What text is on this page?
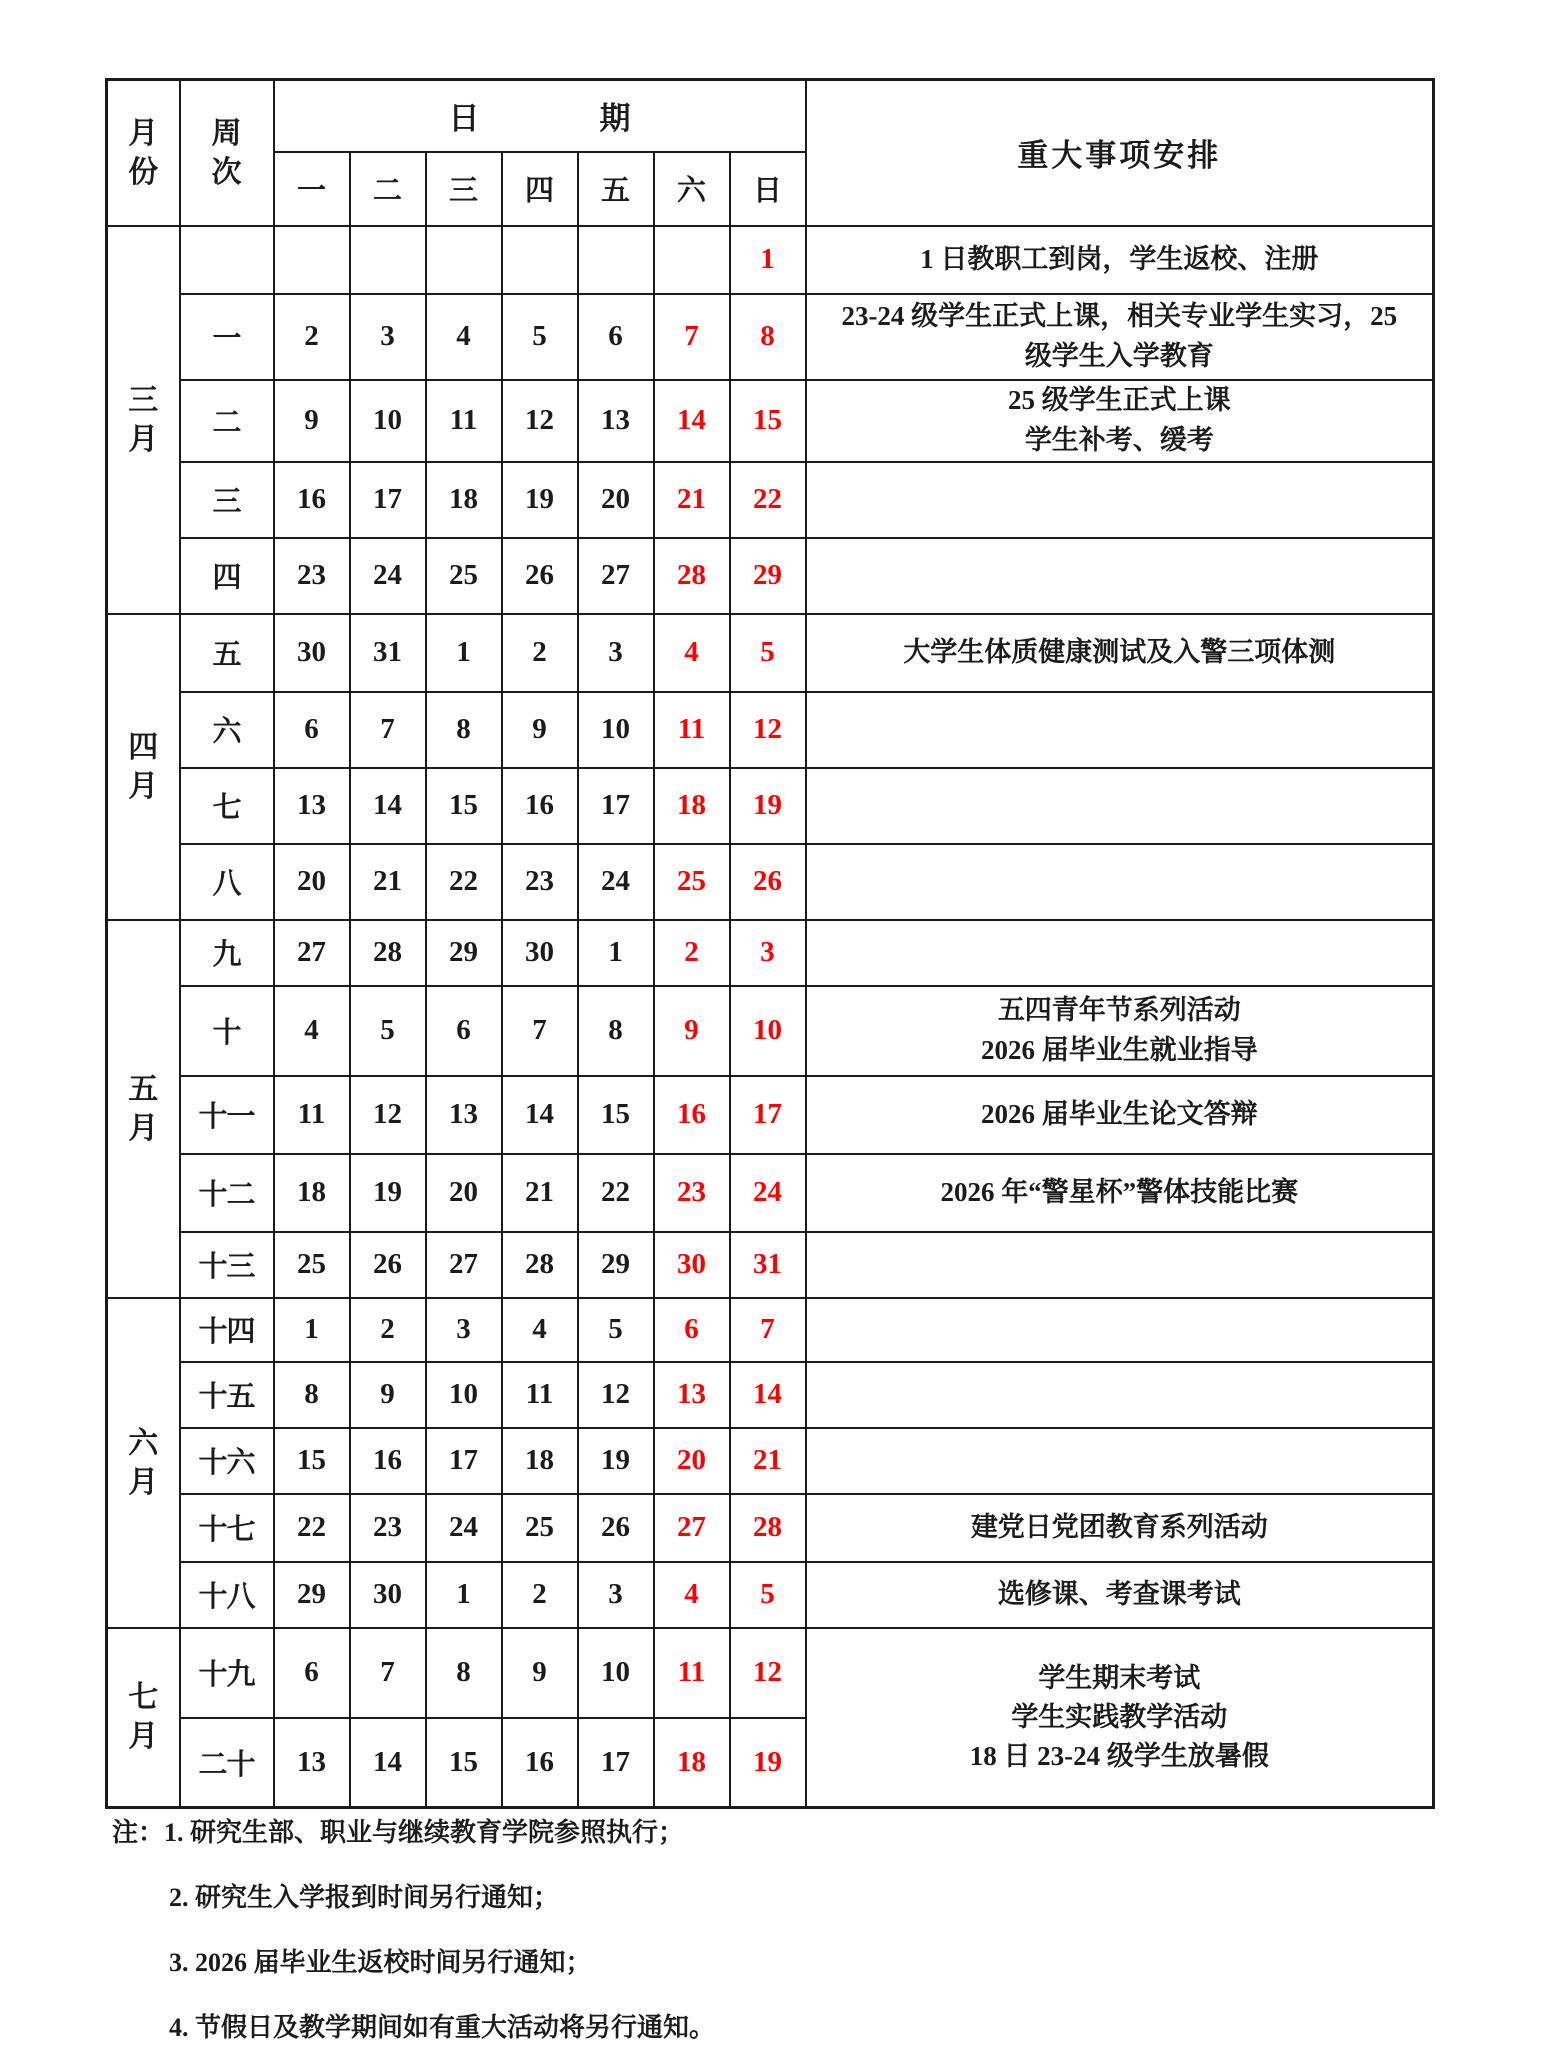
月份	周次	日期							重大事项安排
		一	二	三	四	五	六	日	
三月								1	1 日教职工到岗，学生返校、注册
	一	2	3	4	5	6	7	8	23-24 级学生正式上课，相关专业学生实习，25 级学生入学教育
	二	9	10	11	12	13	14	15	25 级学生正式上课
学生补考、缓考
	三	16	17	18	19	20	21	22	
	四	23	24	25	26	27	28	29	
四月	五	30	31	1	2	3	4	5	大学生体质健康测试及入警三项体测
	六	6	7	8	9	10	11	12	
	七	13	14	15	16	17	18	19	
	八	20	21	22	23	24	25	26	
五月	九	27	28	29	30	1	2	3	
	十	4	5	6	7	8	9	10	五四青年节系列活动
2026 届毕业生就业指导
	十一	11	12	13	14	15	16	17	2026 届毕业生论文答辩
	十二	18	19	20	21	22	23	24	2026 年“警星杯”警体技能比赛
	十三	25	26	27	28	29	30	31	
六月	十四	1	2	3	4	5	6	7	
	十五	8	9	10	11	12	13	14	
	十六	15	16	17	18	19	20	21	
	十七	22	23	24	25	26	27	28	建党日党团教育系列活动
	十八	29	30	1	2	3	4	5	选修课、考查课考试
七月	十九	6	7	8	9	10	11	12	学生期末考试
学生实践教学活动
18 日 23-24 级学生放暑假
	二十	13	14	15	16	17	18	19	
注：1. 研究生部、职业与继续教育学院参照执行；
2. 研究生入学报到时间另行通知；
3. 2026 届毕业生返校时间另行通知；
4. 节假日及教学期间如有重大活动将另行通知。
